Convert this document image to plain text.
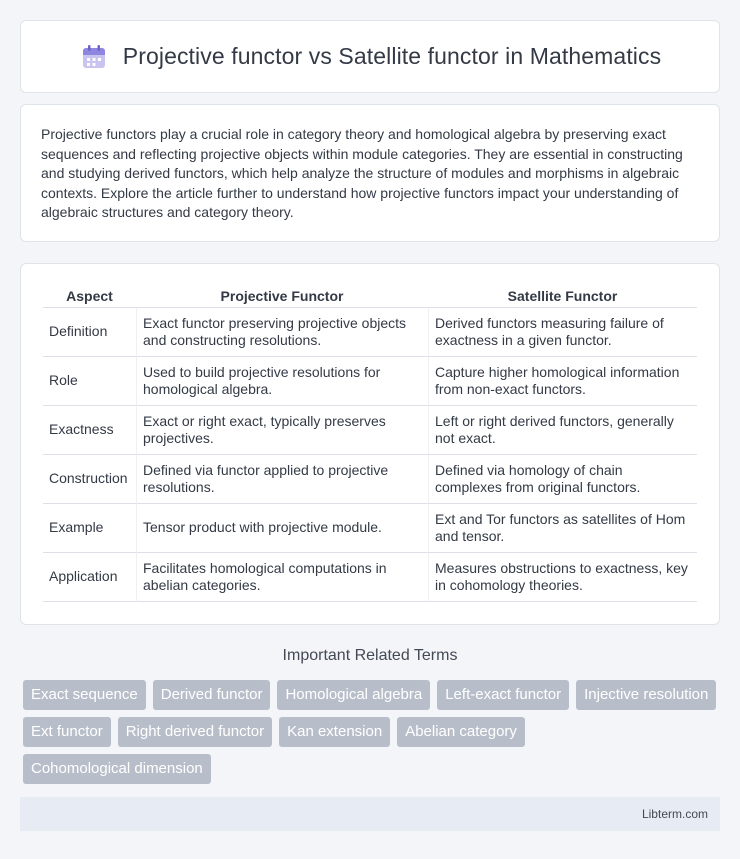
Projective functor vs Satellite functor in Mathematics

Projective functors play a crucial role in category theory and homological algebra by preserving exact sequences and reflecting projective objects within module categories. They are essential in constructing and studying derived functors, which help analyze the structure of modules and morphisms in algebraic contexts. Explore the article further to understand how projective functors impact your understanding of algebraic structures and category theory.

Aspect	Projective Functor	Satellite Functor
Definition	Exact functor preserving projective objects and constructing resolutions.	Derived functors measuring failure of exactness in a given functor.
Role	Used to build projective resolutions for homological algebra.	Capture higher homological information from non-exact functors.
Exactness	Exact or right exact, typically preserves projectives.	Left or right derived functors, generally not exact.
Construction	Defined via functor applied to projective resolutions.	Defined via homology of chain complexes from original functors.
Example	Tensor product with projective module.	Ext and Tor functors as satellites of Hom and tensor.
Application	Facilitates homological computations in abelian categories.	Measures obstructions to exactness, key in cohomology theories.
Important Related Terms
Exact sequence	Derived functor	Homological algebra	Left-exact functor	Injective resolution
Ext functor	Right derived functor	Kan extension	Abelian category
Cohomological dimension
Libterm.com
